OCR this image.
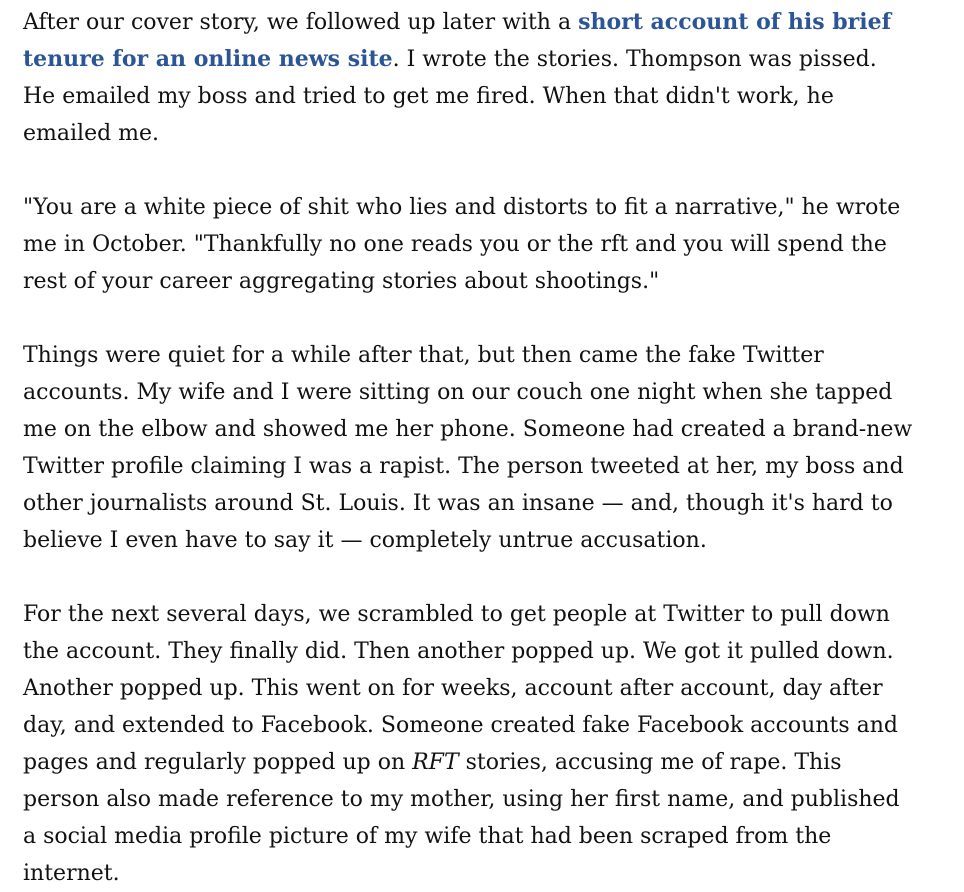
After our cover story, we followed up later with a short account of his brief
tenure for an online news site. I wrote the stories. Thompson was pissed.
He emailed my boss and tried to get me fired. When that didn't work, he
emailed me.

"You are a white piece of shit who lies and distorts to fit a narrative," he wrote
me in October. "Thankfully no one reads you or the rft and you will spend the
rest of your career aggregating stories about shootings."

Things were quiet for a while after that, but then came the fake Twitter
accounts. My wife and I were sitting on our couch one night when she tapped
me on the elbow and showed me her phone. Someone had created a brand-new
Twitter profile claiming I was a rapist. The person tweeted at her, my boss and
other journalists around St. Louis. It was an insane — and, though it's hard to
believe I even have to say it — completely untrue accusation.

For the next several days, we scrambled to get people at Twitter to pull down
the account. They finally did. Then another popped up. We got it pulled down.
Another popped up. This went on for weeks, account after account, day after
day, and extended to Facebook. Someone created fake Facebook accounts and
pages and regularly popped up on RFT stories, accusing me of rape. This
person also made reference to my mother, using her first name, and published
a social media profile picture of my wife that had been scraped from the
internet.
